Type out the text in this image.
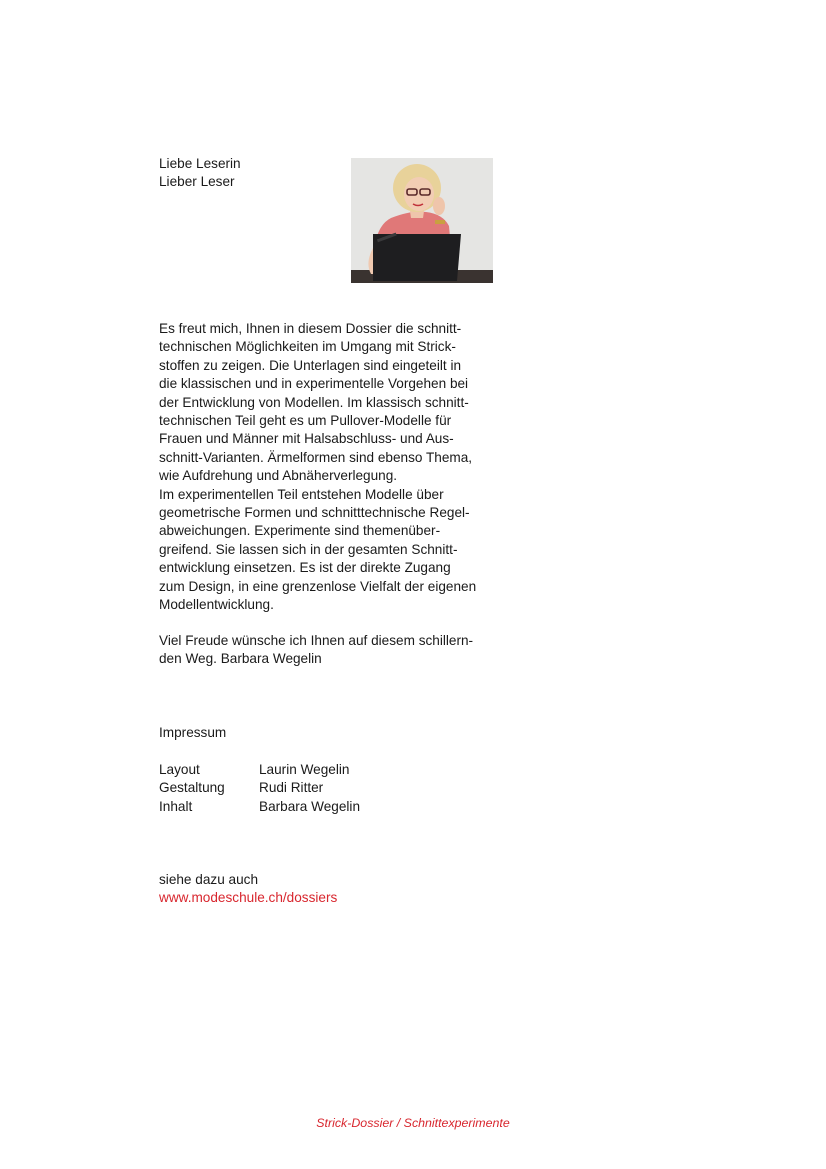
Liebe Leserin
Lieber Leser
Es freut mich, Ihnen in diesem Dossier die schnitt-
technischen Möglichkeiten im Umgang mit Strick-
stoffen zu zeigen. Die Unterlagen sind eingeteilt in
die klassischen und in experimentelle Vorgehen bei
der Entwicklung von Modellen. Im klassisch schnitt-
technischen Teil geht es um Pullover-Modelle für
Frauen und Männer mit Halsabschluss- und Aus-
schnitt-Varianten. Ärmelformen sind ebenso Thema,
wie Aufdrehung und Abnäherverlegung.
Im experimentellen Teil entstehen Modelle über
geometrische Formen und schnitttechnische Regel-
abweichungen. Experimente sind themenüber-
greifend. Sie lassen sich in der gesamten Schnitt-
entwicklung einsetzen. Es ist der direkte Zugang
zum Design, in eine grenzenlose Vielfalt der eigenen
Modellentwicklung.
Viel Freude wünsche ich Ihnen auf diesem schillern-
den Weg. Barbara Wegelin
Impressum
Layout	Laurin Wegelin
Gestaltung	Rudi Ritter
Inhalt	Barbara Wegelin
siehe dazu auch
www.modeschule.ch/dossiers
Strick-Dossier / Schnittexperimente
